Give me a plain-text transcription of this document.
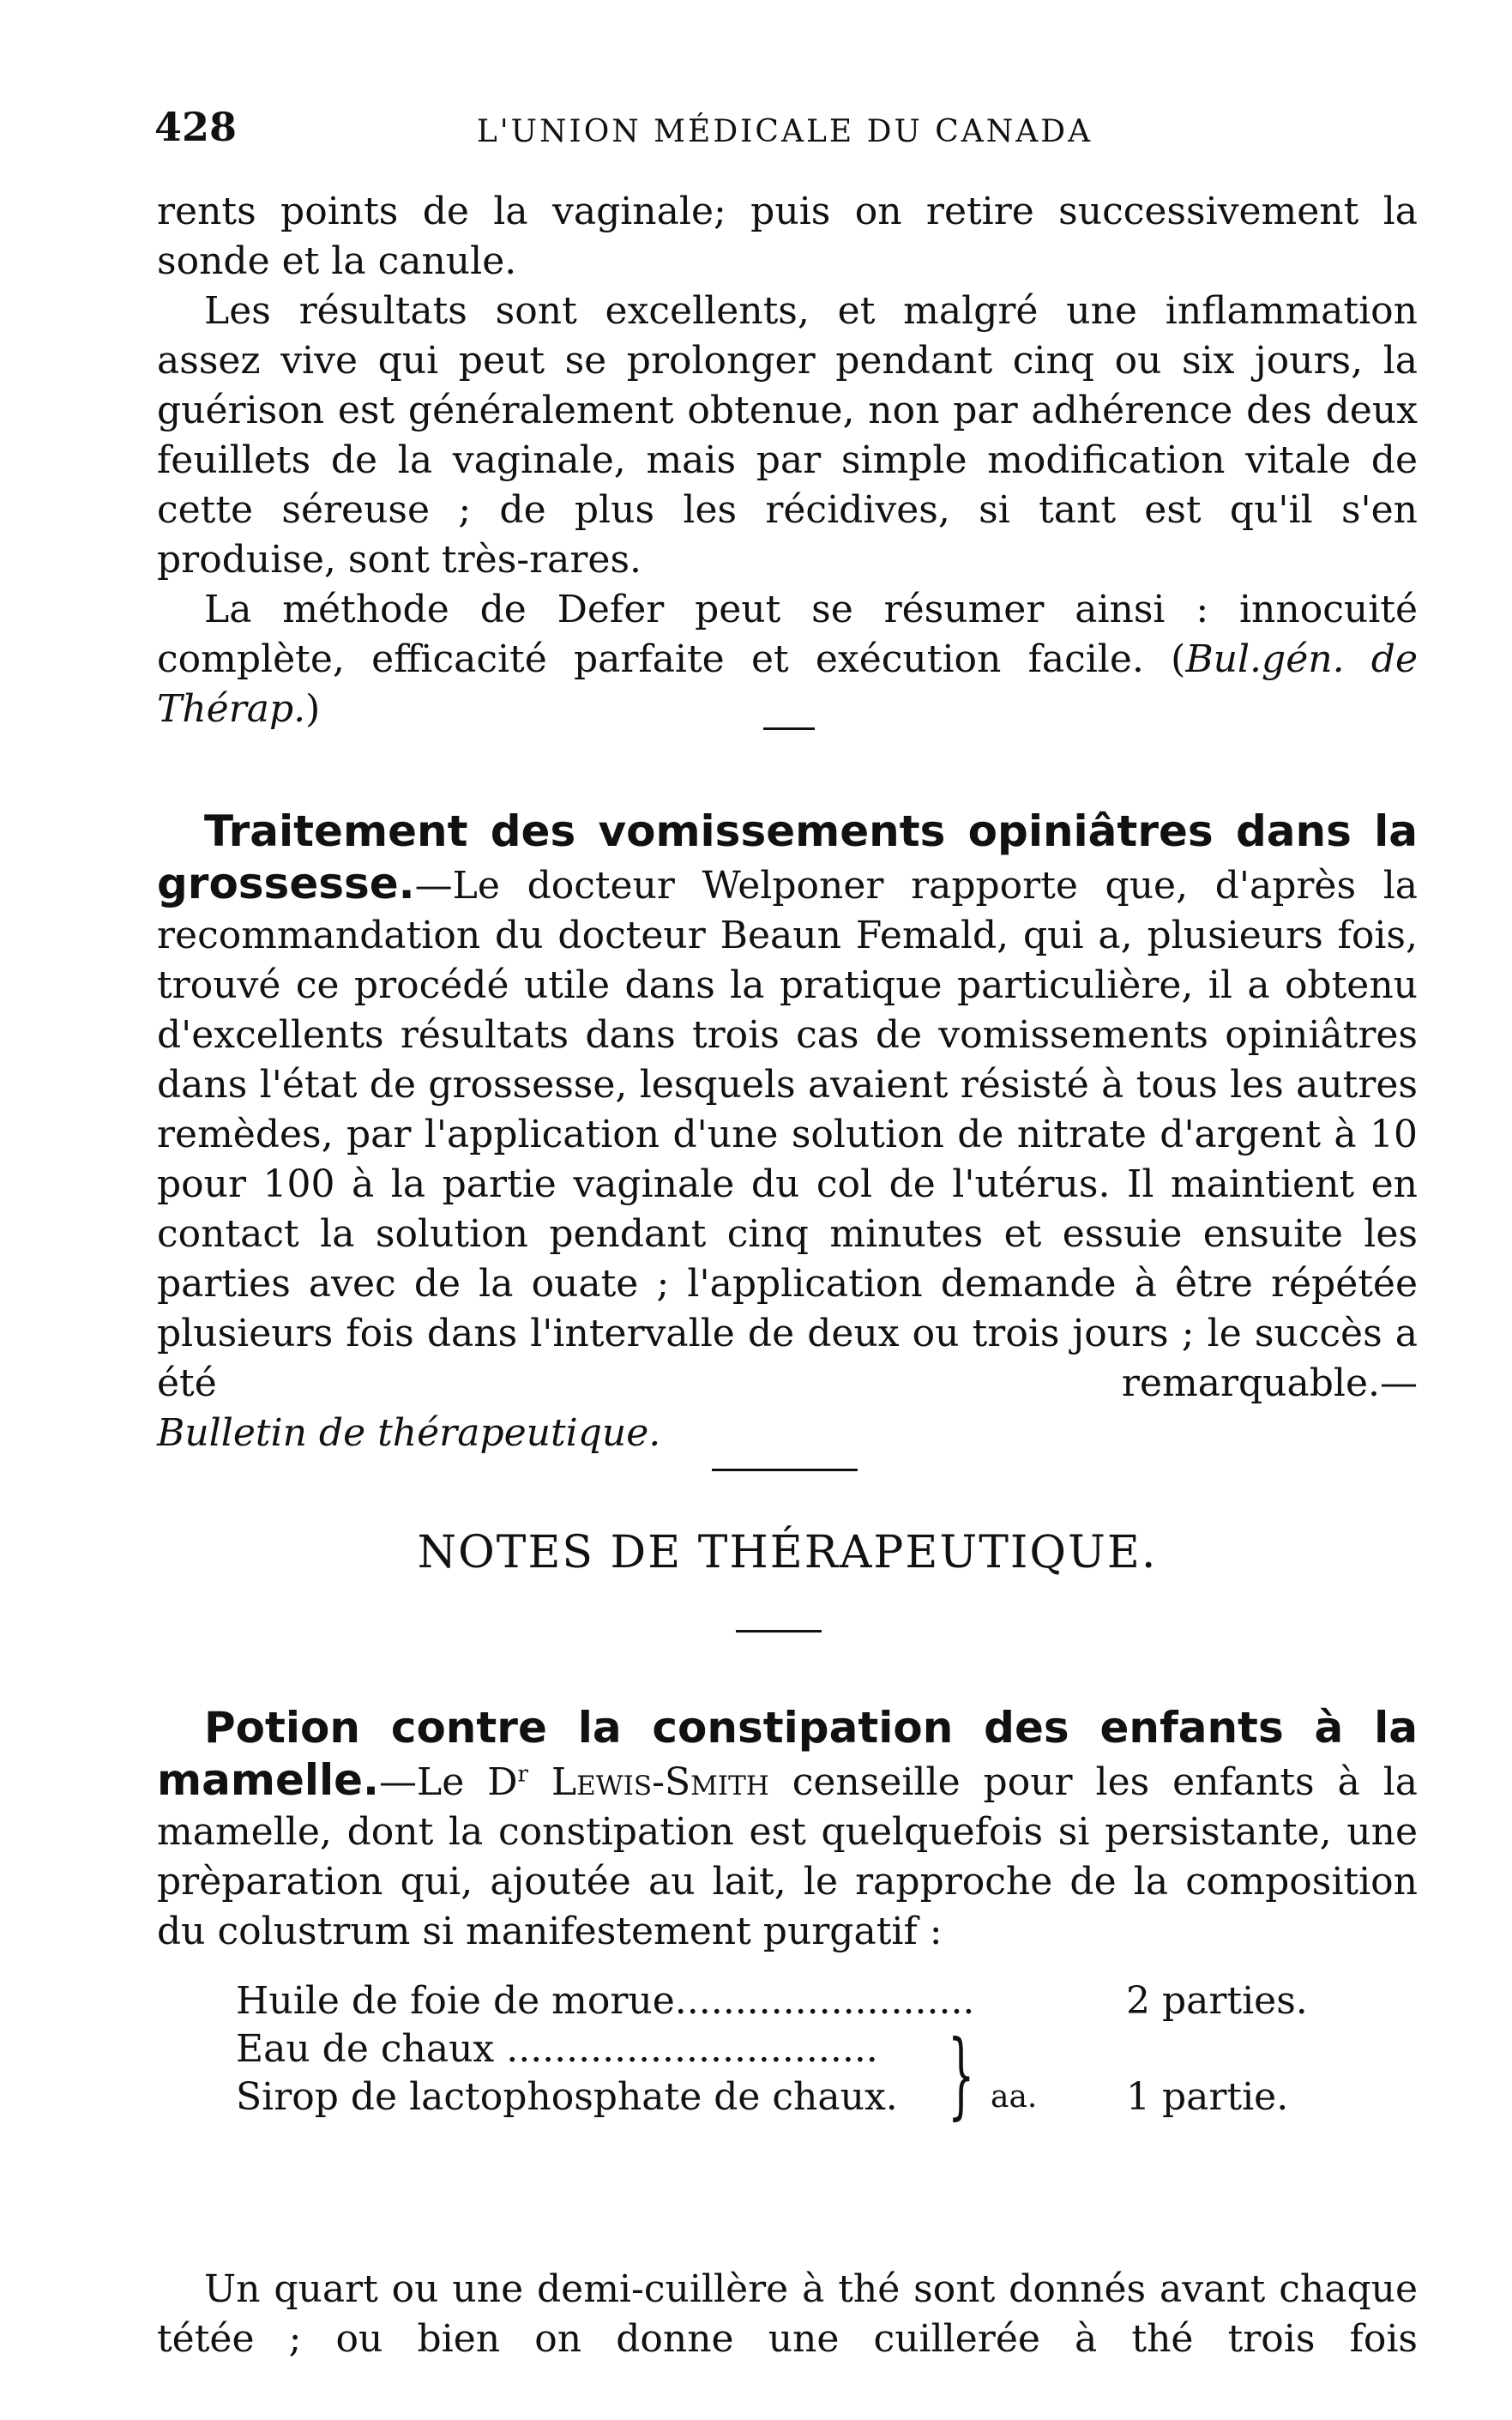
428	L'UNION MÉDICALE DU CANADA

rents points de la vaginale; puis on retire successivement la sonde et la canule.

Les résultats sont excellents, et malgré une inflammation assez vive qui peut se prolonger pendant cinq ou six jours, la guérison est généralement obtenue, non par adhérence des deux feuillets de la vaginale, mais par simple modification vitale de cette séreuse ; de plus les récidives, si tant est qu'il s'en produise, sont très-rares.

La méthode de Defer peut se résumer ainsi : innocuité complète, efficacité parfaite et exécution facile. (Bul.gén. de Thérap.)

Traitement des vomissements opiniâtres dans la grossesse.—Le docteur Welponer rapporte que, d'après la recommandation du docteur Beaun Femald, qui a, plusieurs fois, trouvé ce procédé utile dans la pratique particulière, il a obtenu d'excellents résultats dans trois cas de vomissements opiniâtres dans l'état de grossesse, lesquels avaient résisté à tous les autres remèdes, par l'application d'une solution de nitrate d'argent à 10 pour 100 à la partie vaginale du col de l'utérus. Il maintient en contact la solution pendant cinq minutes et essuie ensuite les parties avec de la ouate ; l'application demande à être répétée plusieurs fois dans l'intervalle de deux ou trois jours ; le succès a été remarquable.—

Bulletin de thérapeutique.

NOTES DE THÉRAPEUTIQUE.

Potion contre la constipation des enfants à la mamelle.—Le $D^r$ Lewis-Smith censeille pour les enfants à la mamelle, dont la constipation est quelquefois si persistante, une prèparation qui, ajoutée au lait, le rapproche de la composition du colustrum si manifestement purgatif :

Huile de foie de morue.........................	2 parties.
Eau de chaux ...............................
Sirop de lactophosphate de chaux. } aa. 1 partie.

Un quart ou une demi-cuillère à thé sont donnés avant chaque tétée ; ou bien on donne une cuillerée à thé trois fois
